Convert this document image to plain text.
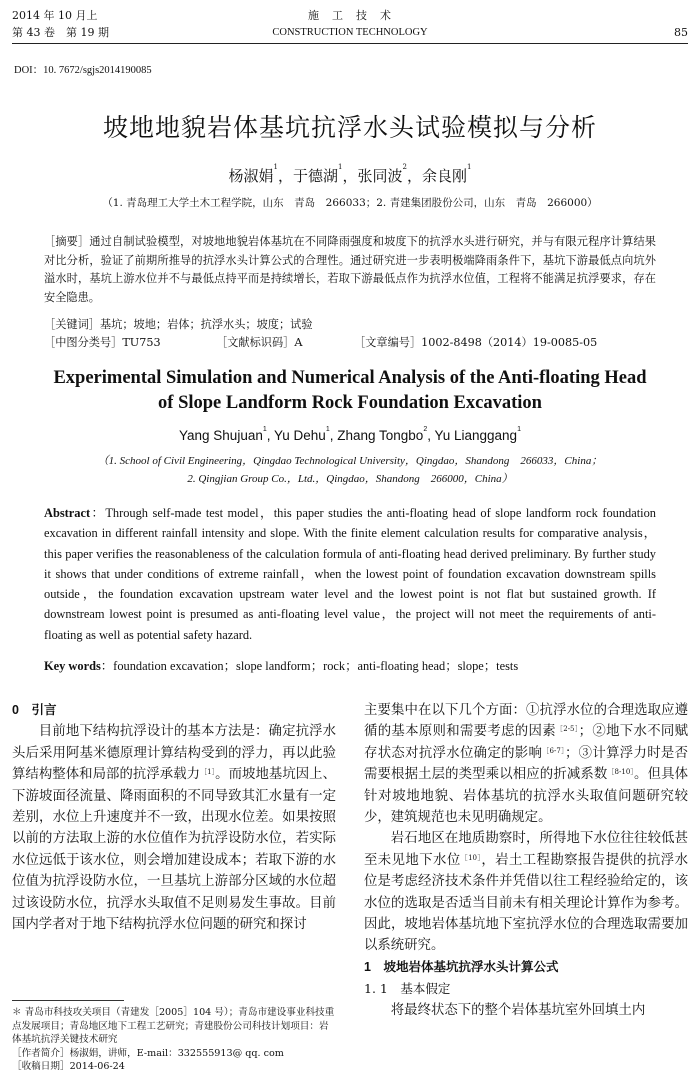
2014 年 10 月上
第 43 卷　第 19 期
施　工　技　术
CONSTRUCTION TECHNOLOGY	85
DOI：10. 7672/sgjs2014190085
坡地地貌岩体基坑抗浮水头试验模拟与分析
杨淑娟$^1$，于德湖$^1$，张同波$^2$，余良刚$^1$
（1. 青岛理工大学土木工程学院，山东　青岛　266033；2. 青建集团股份公司，山东　青岛　266000）
［摘要］通过自制试验模型，对坡地地貌岩体基坑在不同降雨强度和坡度下的抗浮水头进行研究，并与有限元程序计算结果对比分析，验证了前期所推导的抗浮水头计算公式的合理性。通过研究进一步表明极端降雨条件下，基坑下游最低点向坑外溢水时，基坑上游水位并不与最低点持平而是持续增长，若取下游最低点作为抗浮水位值，工程将不能满足抗浮要求，存在安全隐患。
［关键词］基坑；坡地；岩体；抗浮水头；坡度；试验
［中图分类号］TU753	［文献标识码］A	［文章编号］1002-8498（2014）19-0085-05
Experimental Simulation and Numerical Analysis of the Anti-floating Head of Slope Landform Rock Foundation Excavation
Yang Shujuan$^1$, Yu Dehu$^1$, Zhang Tongbo$^2$, Yu Lianggang$^1$
（1. School of Civil Engineering，Qingdao Technological University，Qingdao，Shandong　266033，China；
2. Qingjian Group Co.，Ltd.，Qingdao，Shandong　266000，China）
Abstract：Through self-made test model，this paper studies the anti-floating head of slope landform rock foundation excavation in different rainfall intensity and slope. With the finite element calculation results for comparative analysis，this paper verifies the reasonableness of the calculation formula of anti-floating head derived preliminary. By further study it shows that under conditions of extreme rainfall，when the lowest point of foundation excavation downstream spills outside，the foundation excavation upstream water level and the lowest point is not flat but sustained growth. If downstream lowest point is presumed as anti-floating level value，the project will not meet the requirements of anti-floating as well as potential safety hazard.
Key words：foundation excavation；slope landform；rock；anti-floating head；slope；tests
0　引言

目前地下结构抗浮设计的基本方法是：确定抗浮水头后采用阿基米德原理计算结构受到的浮力，再以此验算结构整体和局部的抗浮承载力$^{[1]}$。而坡地基坑因上、下游坡面径流量、降雨面积的不同导致其汇水量有一定差别，水位上升速度并不一致，出现水位差。如果按照以前的方法取上游的水位值作为抗浮设防水位，若实际水位远低于该水位，则会增加建设成本；若取下游的水位值为抗浮设防水位，一旦基坑上游部分区域的水位超过该设防水位，抗浮水头取值不足则易发生事故。目前国内学者对于地下结构抗浮水位问题的研究和探讨

＊ 青岛市科技攻关项目（青建发［2005］104 号）；青岛市建设事业科技重点发展项目；青岛地区地下工程工艺研究；青建股份公司科技计划项目：岩体基坑抗浮关键技术研究
［作者简介］杨淑娟，讲师，E-mail：332555913@ qq. com
［收稿日期］2014-06-24

主要集中在以下几个方面：①抗浮水位的合理选取应遵循的基本原则和需要考虑的因素$^{[2-5]}$；②地下水不同赋存状态对抗浮水位确定的影响$^{[6-7]}$；③计算浮力时是否需要根据土层的类型乘以相应的折减系数$^{[8-10]}$。但具体针对坡地地貌、岩体基坑的抗浮水头取值问题研究较少，建筑规范也未见明确规定。

岩石地区在地质勘察时，所得地下水位往往较低甚至未见地下水位$^{[10]}$，岩土工程勘察报告提供的抗浮水位是考虑经济技术条件并凭借以往工程经验给定的，该水位的选取是否适当目前未有相关理论计算作为参考。因此，坡地岩体基坑地下室抗浮水位的合理选取需要加以系统研究。

1　坡地岩体基坑抗浮水头计算公式
1. 1　基本假定

将最终状态下的整个岩体基坑室外回填土内
